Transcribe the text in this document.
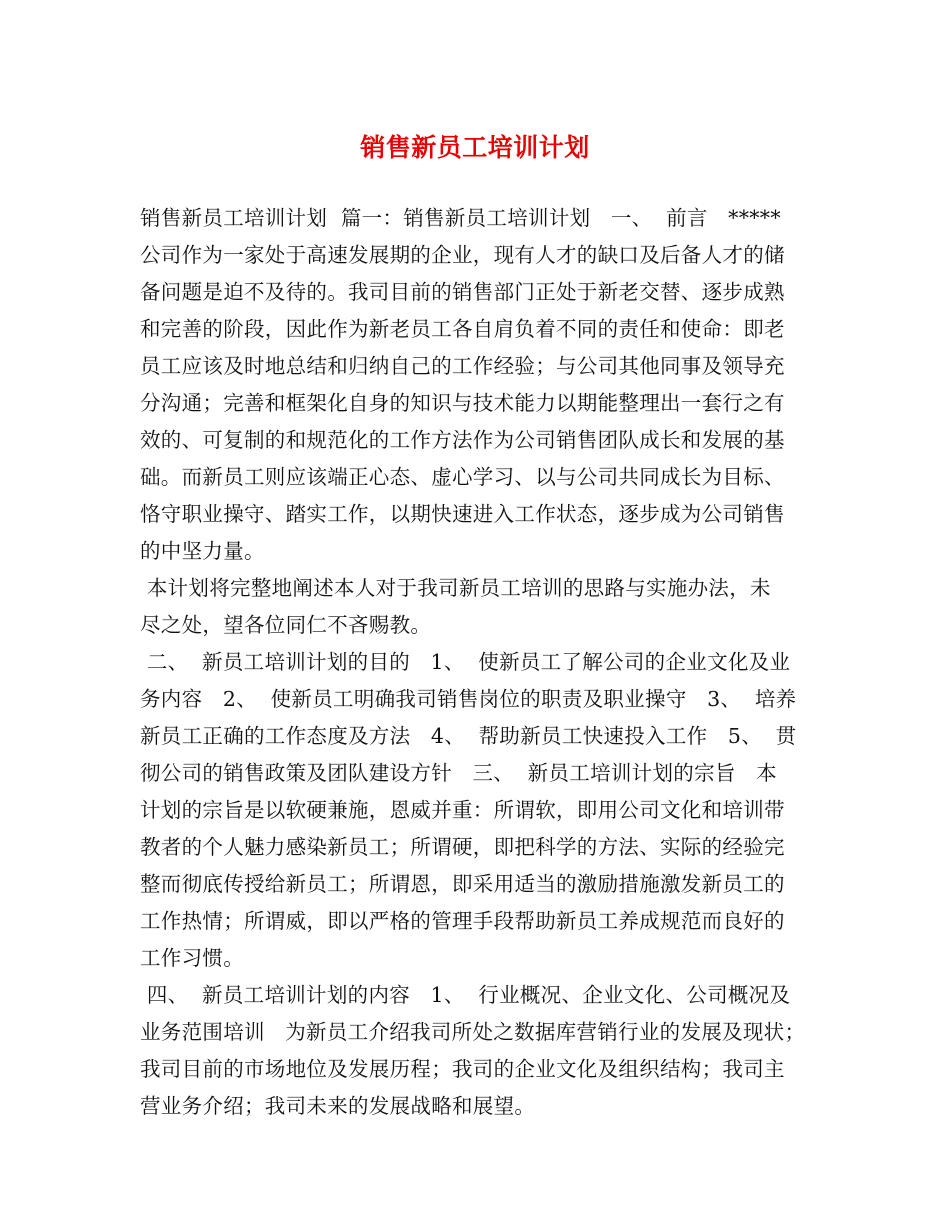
销售新员工培训计划
销售新员工培训计划  篇一：销售新员工培训计划   一、  前言   *****
公司作为一家处于高速发展期的企业，现有人才的缺口及后备人才的储
备问题是迫不及待的。我司目前的销售部门正处于新老交替、逐步成熟
和完善的阶段，因此作为新老员工各自肩负着不同的责任和使命：即老
员工应该及时地总结和归纳自己的工作经验；与公司其他同事及领导充
分沟通；完善和框架化自身的知识与技术能力以期能整理出一套行之有
效的、可复制的和规范化的工作方法作为公司销售团队成长和发展的基
础。而新员工则应该端正心态、虚心学习、以与公司共同成长为目标、
恪守职业操守、踏实工作，以期快速进入工作状态，逐步成为公司销售
的中坚力量。
本计划将完整地阐述本人对于我司新员工培训的思路与实施办法，未
尽之处，望各位同仁不吝赐教。
二、  新员工培训计划的目的   1、  使新员工了解公司的企业文化及业
务内容   2、  使新员工明确我司销售岗位的职责及职业操守   3、  培养
新员工正确的工作态度及方法   4、  帮助新员工快速投入工作   5、  贯
彻公司的销售政策及团队建设方针   三、  新员工培训计划的宗旨   本
计划的宗旨是以软硬兼施，恩威并重：所谓软，即用公司文化和培训带
教者的个人魅力感染新员工；所谓硬，即把科学的方法、实际的经验完
整而彻底传授给新员工；所谓恩，即采用适当的激励措施激发新员工的
工作热情；所谓威，即以严格的管理手段帮助新员工养成规范而良好的
工作习惯。
四、  新员工培训计划的内容   1、  行业概况、企业文化、公司概况及
业务范围培训   为新员工介绍我司所处之数据库营销行业的发展及现状；
我司目前的市场地位及发展历程；我司的企业文化及组织结构；我司主
营业务介绍；我司未来的发展战略和展望。
